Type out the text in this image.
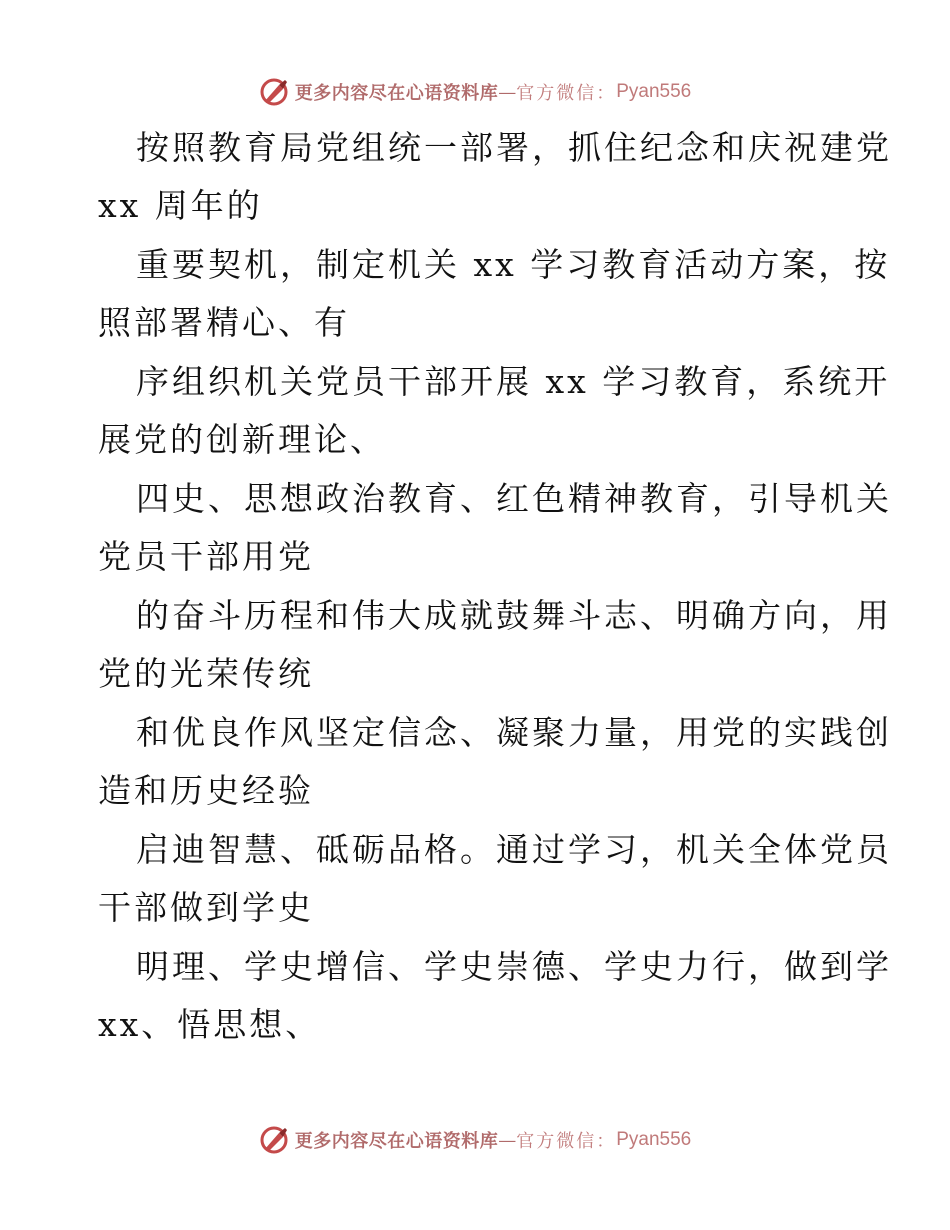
更多内容尽在心语资料库 — 官方微信： Pyan556
按照教育局党组统一部署，抓住纪念和庆祝建党
xx 周年的
重要契机，制定机关 xx 学习教育活动方案，按
照部署精心、有
序组织机关党员干部开展 xx 学习教育，系统开
展党的创新理论、
四史、思想政治教育、红色精神教育，引导机关
党员干部用党
的奋斗历程和伟大成就鼓舞斗志、明确方向，用
党的光荣传统
和优良作风坚定信念、凝聚力量，用党的实践创
造和历史经验
启迪智慧、砥砺品格。通过学习，机关全体党员
干部做到学史
明理、学史增信、学史崇德、学史力行，做到学
xx、悟思想、
更多内容尽在心语资料库 — 官方微信： Pyan556
